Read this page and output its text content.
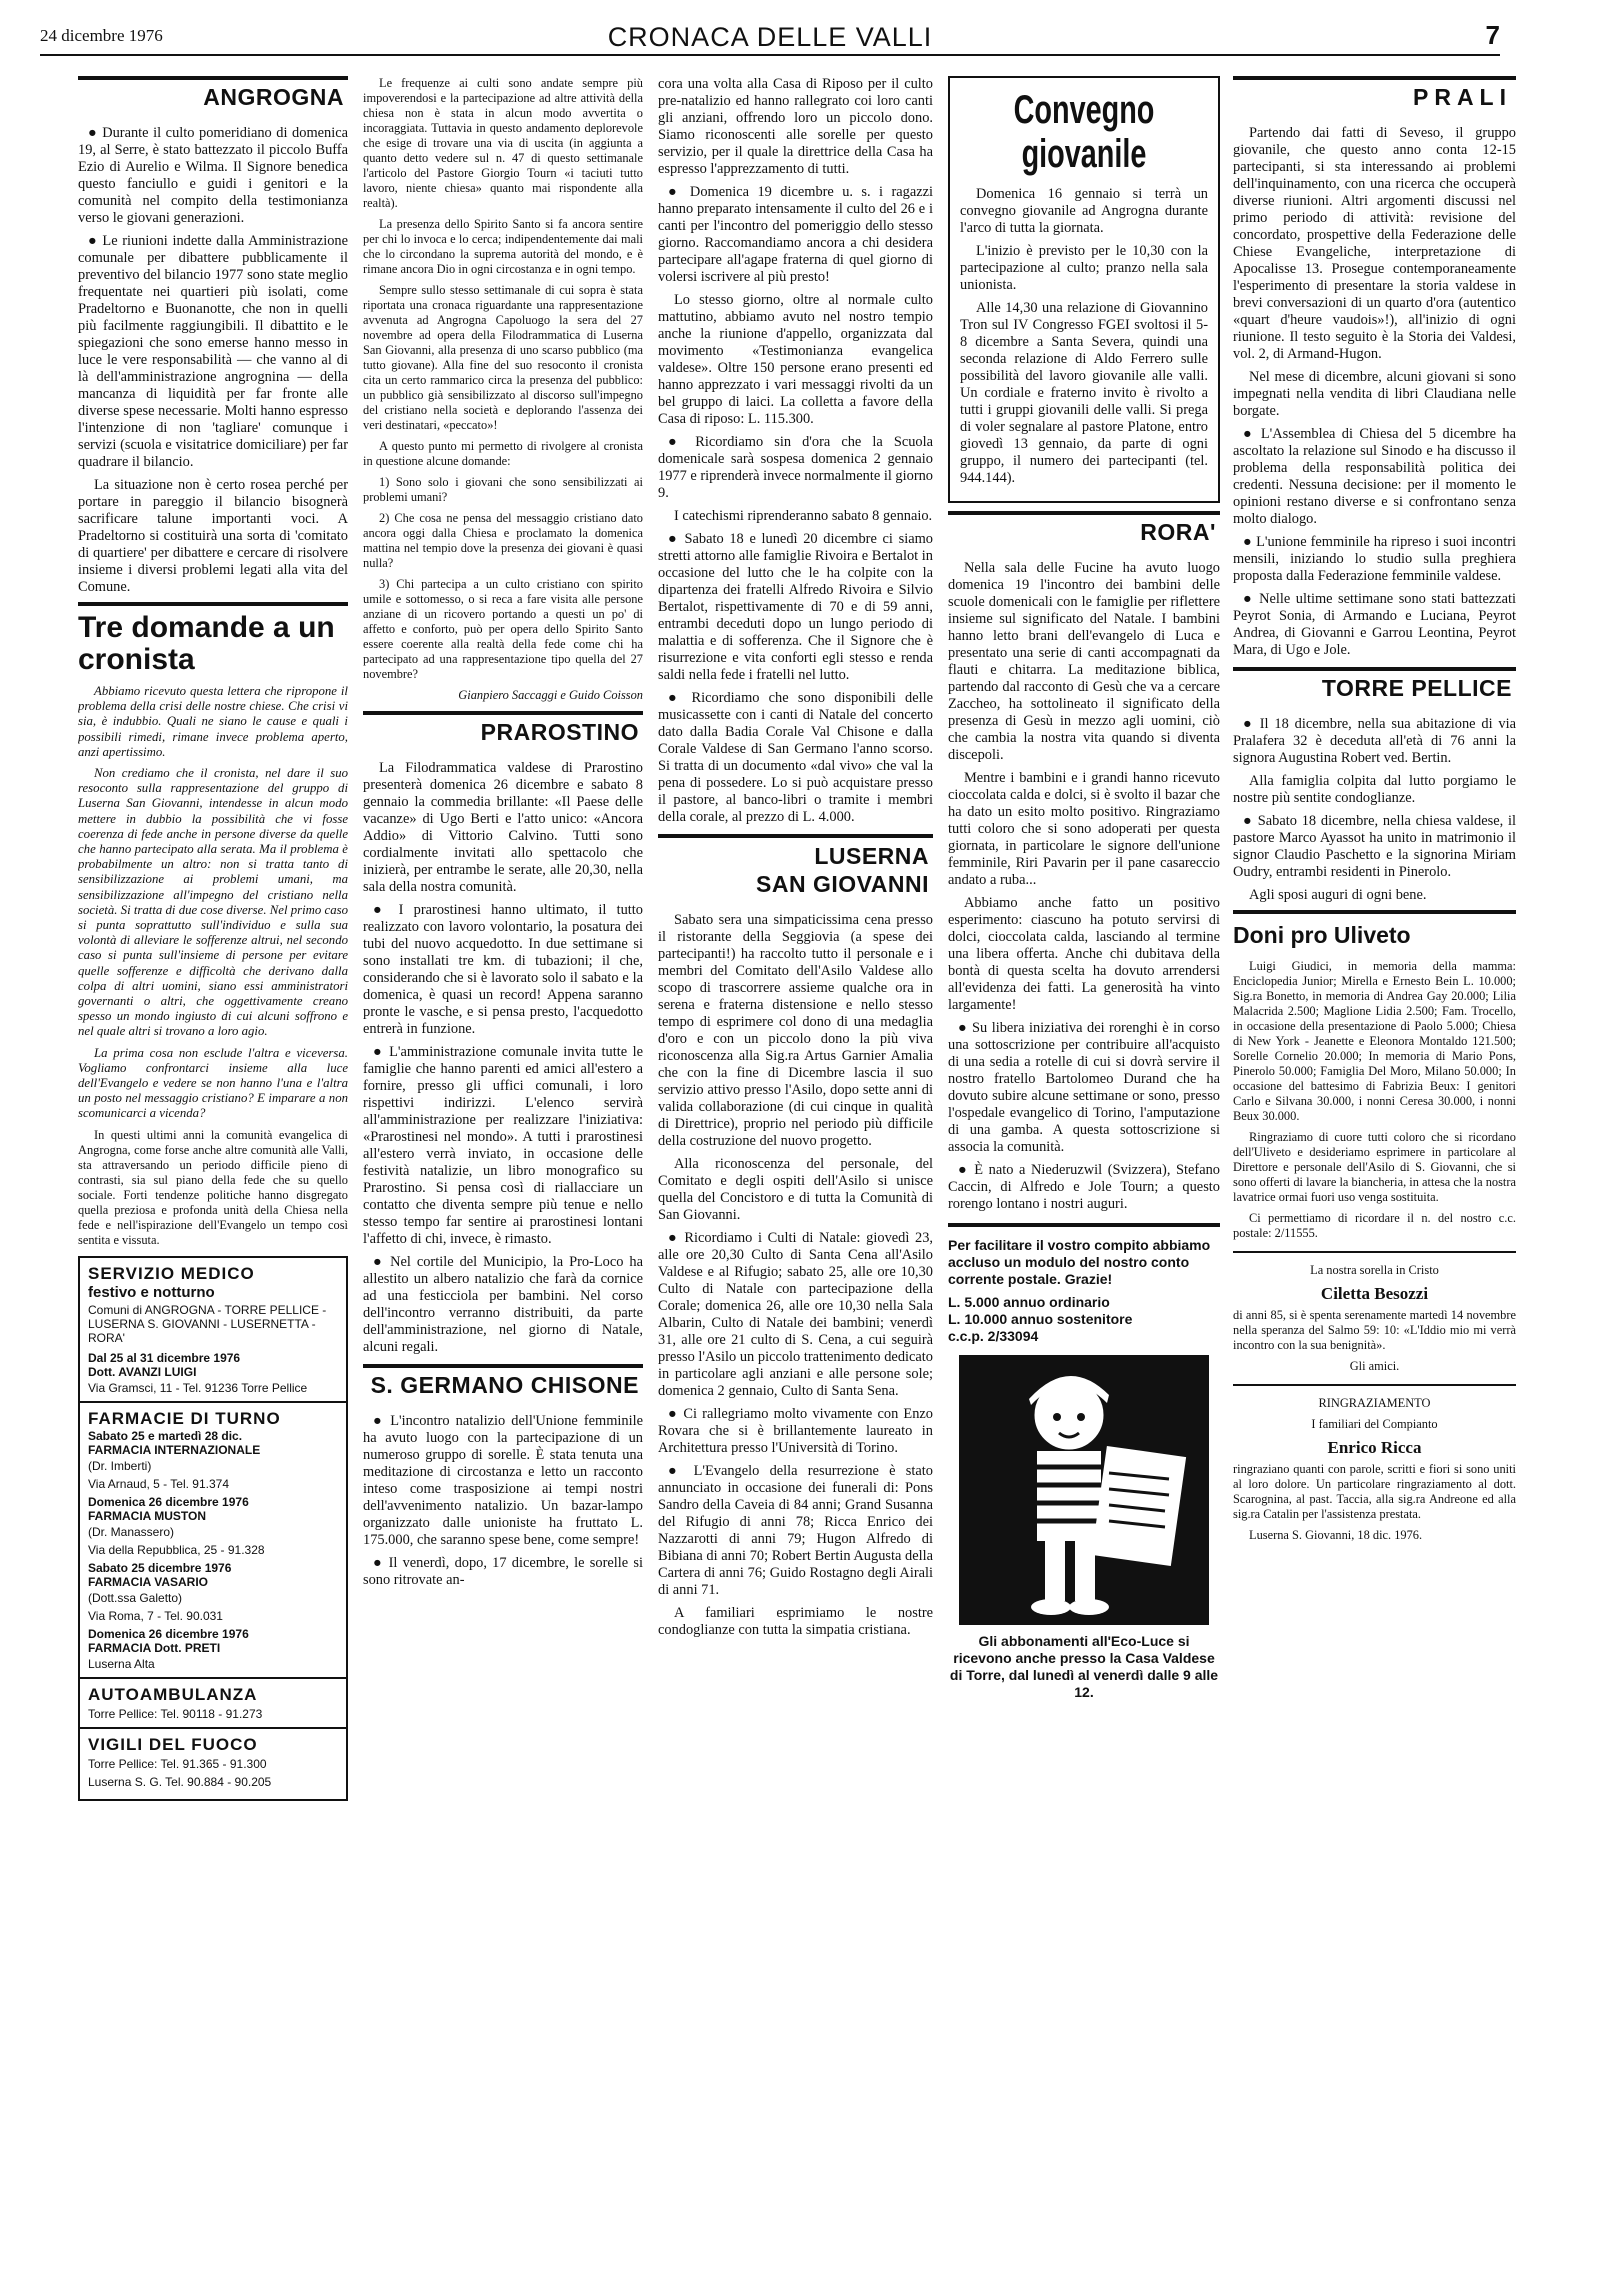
24 dicembre 1976	CRONACA DELLE VALLI	7
ANGROGNA

● Durante il culto pomeridiano di domenica 19, al Serre, è stato battezzato il piccolo Buffa Ezio di Aurelio e Wilma. Il Signore benedica questo fanciullo e guidi i genitori e la comunità nel compito della testimonianza verso le giovani generazioni.

● Le riunioni indette dalla Amministrazione comunale per dibattere pubblicamente il preventivo del bilancio 1977 sono state meglio frequentate nei quartieri più isolati, come Pradeltorno e Buonanotte, che non in quelli più facilmente raggiungibili. Il dibattito e le spiegazioni che sono emerse hanno messo in luce le vere responsabilità — che vanno al di là dell'amministrazione angrognina — della mancanza di liquidità per far fronte alle diverse spese necessarie. Molti hanno espresso l'intenzione di non 'tagliare' comunque i servizi (scuola e visitatrice domiciliare) per far quadrare il bilancio.

La situazione non è certo rosea perché per portare in pareggio il bilancio bisognerà sacrificare talune importanti voci. A Pradeltorno si costituirà una sorta di 'comitato di quartiere' per dibattere e cercare di risolvere insieme i diversi problemi legati alla vita del Comune.

Tre domande a un cronista

Abbiamo ricevuto questa lettera che ripropone il problema della crisi delle nostre chiese. Che crisi vi sia, è indubbio. Quali ne siano le cause e quali i possibili rimedi, rimane invece problema aperto, anzi apertissimo.

Non crediamo che il cronista, nel dare il suo resoconto sulla rappresentazione del gruppo di Luserna San Giovanni, intendesse in alcun modo mettere in dubbio la possibilità che vi fosse coerenza di fede anche in persone diverse da quelle che hanno partecipato alla serata. Ma il problema è probabilmente un altro: non si tratta tanto di sensibilizzazione ai problemi umani, ma sensibilizzazione all'impegno del cristiano nella società. Si tratta di due cose diverse. Nel primo caso si punta soprattutto sull'individuo e sulla sua volontà di alleviare le sofferenze altrui, nel secondo caso si punta sull'insieme di persone per evitare quelle sofferenze e difficoltà che derivano dalla colpa di altri uomini, siano essi amministratori governanti o altri, che oggettivamente creano spesso un mondo ingiusto di cui alcuni soffrono e nel quale altri si trovano a loro agio.

La prima cosa non esclude l'altra e viceversa. Vogliamo confrontarci insieme alla luce dell'Evangelo e vedere se non hanno l'una e l'altra un posto nel messaggio cristiano? E imparare a non scomunicarci a vicenda?

In questi ultimi anni la comunità evangelica di Angrogna, come forse anche altre comunità alle Valli, sta attraversando un periodo difficile pieno di contrasti, sia sul piano della fede che su quello sociale. Forti tendenze politiche hanno disgregato quella preziosa e profonda unità della Chiesa nella fede e nell'ispirazione dell'Evangelo un tempo così sentita e vissuta.

SERVIZIO MEDICO
festivo e notturno
Comuni di ANGROGNA - TORRE PELLICE - LUSERNA S. GIOVANNI - LUSERNETTA - RORA'
Dal 25 al 31 dicembre 1976
Dott. AVANZI LUIGI
Via Gramsci, 11 - Tel. 91236 Torre Pellice
FARMACIE DI TURNO
Sabato 25 e martedì 28 dic.
FARMACIA INTERNAZIONALE
(Dr. Imberti)
Via Arnaud, 5 - Tel. 91.374
Domenica 26 dicembre 1976
FARMACIA MUSTON
(Dr. Manassero)
Via della Repubblica, 25 - 91.328
Sabato 25 dicembre 1976
FARMACIA VASARIO
(Dott.ssa Galetto)
Via Roma, 7 - Tel. 90.031
Domenica 26 dicembre 1976
FARMACIA Dott. PRETI
Luserna Alta
AUTOAMBULANZA
Torre Pellice: Tel. 90118 - 91.273
VIGILI DEL FUOCO
Torre Pellice: Tel. 91.365 - 91.300
Luserna S. G. Tel. 90.884 - 90.205

Le frequenze ai culti sono andate sempre più impoverendosi e la partecipazione ad altre attività della chiesa non è stata in alcun modo avvertita o incoraggiata. Tuttavia in questo andamento deplorevole che esige di trovare una via di uscita (in aggiunta a quanto detto vedere sul n. 47 di questo settimanale l'articolo del Pastore Giorgio Tourn «i taciuti tutto lavoro, niente chiesa» quanto mai rispondente alla realtà).

La presenza dello Spirito Santo si fa ancora sentire per chi lo invoca e lo cerca; indipendentemente dai mali che lo circondano la suprema autorità del mondo, e è rimane ancora Dio in ogni circostanza e in ogni tempo.

Sempre sullo stesso settimanale di cui sopra è stata riportata una cronaca riguardante una rappresentazione avvenuta ad Angrogna Capoluogo la sera del 27 novembre ad opera della Filodrammatica di Luserna San Giovanni, alla presenza di uno scarso pubblico (ma tutto giovane). Alla fine del suo resoconto il cronista cita un certo rammarico circa la presenza del pubblico: un pubblico già sensibilizzato al discorso sull'impegno del cristiano nella società e deplorando l'assenza dei veri destinatari, «peccato»!

A questo punto mi permetto di rivolgere al cronista in questione alcune domande:

1) Sono solo i giovani che sono sensibilizzati ai problemi umani?

2) Che cosa ne pensa del messaggio cristiano dato ancora oggi dalla Chiesa e proclamato la domenica mattina nel tempio dove la presenza dei giovani è quasi nulla?

3) Chi partecipa a un culto cristiano con spirito umile e sottomesso, o si reca a fare visita alle persone anziane di un ricovero portando a questi un po' di affetto e conforto, può per opera dello Spirito Santo essere coerente alla realtà della fede come chi ha partecipato ad una rappresentazione tipo quella del 27 novembre?

Gianpiero Saccaggi e Guido Coisson

PRAROSTINO

La Filodrammatica valdese di Prarostino presenterà domenica 26 dicembre e sabato 8 gennaio la commedia brillante: «Il Paese delle vacanze» di Ugo Berti e l'atto unico: «Ancora Addio» di Vittorio Calvino. Tutti sono cordialmente invitati allo spettacolo che inizierà, per entrambe le serate, alle 20,30, nella sala della nostra comunità.

● I prarostinesi hanno ultimato, il tutto realizzato con lavoro volontario, la posatura dei tubi del nuovo acquedotto. In due settimane si sono installati tre km. di tubazioni; il che, considerando che si è lavorato solo il sabato e la domenica, è quasi un record! Appena saranno pronte le vasche, e si pensa presto, l'acquedotto entrerà in funzione.

● L'amministrazione comunale invita tutte le famiglie che hanno parenti ed amici all'estero a fornire, presso gli uffici comunali, i loro rispettivi indirizzi. L'elenco servirà all'amministrazione per realizzare l'iniziativa: «Prarostinesi nel mondo». A tutti i prarostinesi all'estero verrà inviato, in occasione delle festività natalizie, un libro monografico su Prarostino. Si pensa così di riallacciare un contatto che diventa sempre più tenue e nello stesso tempo far sentire ai prarostinesi lontani l'affetto di chi, invece, è rimasto.

● Nel cortile del Municipio, la Pro-Loco ha allestito un albero natalizio che farà da cornice ad una festicciola per bambini. Nel corso dell'incontro verranno distribuiti, da parte dell'amministrazione, nel giorno di Natale, alcuni regali.

S. GERMANO CHISONE

● L'incontro natalizio dell'Unione femminile ha avuto luogo con la partecipazione di un numeroso gruppo di sorelle. È stata tenuta una meditazione di circostanza e letto un racconto inteso come trasposizione ai tempi nostri dell'avvenimento natalizio. Un bazar-lampo organizzato dalle unioniste ha fruttato L. 175.000, che saranno spese bene, come sempre!

● Il venerdì, dopo, 17 dicembre, le sorelle si sono ritrovate an-

cora una volta alla Casa di Riposo per il culto pre-natalizio ed hanno rallegrato coi loro canti gli anziani, offrendo loro un piccolo dono. Siamo riconoscenti alle sorelle per questo servizio, per il quale la direttrice della Casa ha espresso l'apprezzamento di tutti.

● Domenica 19 dicembre u. s. i ragazzi hanno preparato intensamente il culto del 26 e i canti per l'incontro del pomeriggio dello stesso giorno. Raccomandiamo ancora a chi desidera partecipare all'agape fraterna di quel giorno di volersi iscrivere al più presto!

Lo stesso giorno, oltre al normale culto mattutino, abbiamo avuto nel nostro tempio anche la riunione d'appello, organizzata dal movimento «Testimonianza evangelica valdese». Oltre 150 persone erano presenti ed hanno apprezzato i vari messaggi rivolti da un bel gruppo di laici. La colletta a favore della Casa di riposo: L. 115.300.

● Ricordiamo sin d'ora che la Scuola domenicale sarà sospesa domenica 2 gennaio 1977 e riprenderà invece normalmente il giorno 9.

I catechismi riprenderanno sabato 8 gennaio.

● Sabato 18 e lunedì 20 dicembre ci siamo stretti attorno alle famiglie Rivoira e Bertalot in occasione del lutto che le ha colpite con la dipartenza dei fratelli Alfredo Rivoira e Silvio Bertalot, rispettivamente di 70 e di 59 anni, entrambi deceduti dopo un lungo periodo di malattia e di sofferenza. Che il Signore che è risurrezione e vita conforti egli stesso e renda saldi nella fede i fratelli nel lutto.

● Ricordiamo che sono disponibili delle musicassette con i canti di Natale del concerto dato dalla Badia Corale Val Chisone e dalla Corale Valdese di San Germano l'anno scorso. Si tratta di un documento «dal vivo» che val la pena di possedere. Lo si può acquistare presso il pastore, al banco-libri o tramite i membri della corale, al prezzo di L. 4.000.

LUSERNA
SAN GIOVANNI

Sabato sera una simpaticissima cena presso il ristorante della Seggiovia (a spese dei partecipanti!) ha raccolto tutto il personale e i membri del Comitato dell'Asilo Valdese allo scopo di trascorrere assieme qualche ora in serena e fraterna distensione e nello stesso tempo di esprimere col dono di una medaglia d'oro e con un piccolo dono la più viva riconoscenza alla Sig.ra Artus Garnier Amalia che con la fine di Dicembre lascia il suo servizio attivo presso l'Asilo, dopo sette anni di valida collaborazione (di cui cinque in qualità di Direttrice), proprio nel periodo più difficile della costruzione del nuovo progetto.

Alla riconoscenza del personale, del Comitato e degli ospiti dell'Asilo si unisce quella del Concistoro e di tutta la Comunità di San Giovanni.

● Ricordiamo i Culti di Natale: giovedì 23, alle ore 20,30 Culto di Santa Cena all'Asilo Valdese e al Rifugio; sabato 25, alle ore 10,30 Culto di Natale con partecipazione della Corale; domenica 26, alle ore 10,30 nella Sala Albarin, Culto di Natale dei bambini; venerdì 31, alle ore 21 culto di S. Cena, a cui seguirà presso l'Asilo un piccolo trattenimento dedicato in particolare agli anziani e alle persone sole; domenica 2 gennaio, Culto di Santa Sena.

● Ci rallegriamo molto vivamente con Enzo Rovara che si è brillantemente laureato in Architettura presso l'Università di Torino.

● L'Evangelo della resurrezione è stato annunciato in occasione dei funerali di: Pons Sandro della Caveia di 84 anni; Grand Susanna del Rifugio di anni 78; Ricca Enrico dei Nazzarotti di anni 79; Hugon Alfredo di Bibiana di anni 70; Robert Bertin Augusta della Cartera di anni 76; Guido Rostagno degli Airali di anni 71.

A familiari esprimiamo le nostre condoglianze con tutta la simpatia cristiana.

Convegno
giovanile

Domenica 16 gennaio si terrà un convegno giovanile ad Angrogna durante l'arco di tutta la giornata.

L'inizio è previsto per le 10,30 con la partecipazione al culto; pranzo nella sala unionista.

Alle 14,30 una relazione di Giovannino Tron sul IV Congresso FGEI svoltosi il 5-8 dicembre a Santa Severa, quindi una seconda relazione di Aldo Ferrero sulle possibilità del lavoro giovanile alle valli. Un cordiale e fraterno invito è rivolto a tutti i gruppi giovanili delle valli. Si prega di voler segnalare al pastore Platone, entro giovedì 13 gennaio, da parte di ogni gruppo, il numero dei partecipanti (tel. 944.144).

RORA'

Nella sala delle Fucine ha avuto luogo domenica 19 l'incontro dei bambini delle scuole domenicali con le famiglie per riflettere insieme sul significato del Natale. I bambini hanno letto brani dell'evangelo di Luca e presentato una serie di canti accompagnati da flauti e chitarra. La meditazione biblica, partendo dal racconto di Gesù che va a cercare Zaccheo, ha sottolineato il significato della presenza di Gesù in mezzo agli uomini, ciò che cambia la nostra vita quando si diventa discepoli.

Mentre i bambini e i grandi hanno ricevuto cioccolata calda e dolci, si è svolto il bazar che ha dato un esito molto positivo. Ringraziamo tutti coloro che si sono adoperati per questa giornata, in particolare le signore dell'unione femminile, Riri Pavarin per il pane casareccio andato a ruba...

Abbiamo anche fatto un positivo esperimento: ciascuno ha potuto servirsi di dolci, cioccolata calda, lasciando al termine una libera offerta. Anche chi dubitava della bontà di questa scelta ha dovuto arrendersi all'evidenza dei fatti. La generosità ha vinto largamente!

● Su libera iniziativa dei rorenghi è in corso una sottoscrizione per contribuire all'acquisto di una sedia a rotelle di cui si dovrà servire il nostro fratello Bartolomeo Durand che ha dovuto subire alcune settimane or sono, presso l'ospedale evangelico di Torino, l'amputazione di una gamba. A questa sottoscrizione si associa la comunità.

● È nato a Niederuzwil (Svizzera), Stefano Caccin, di Alfredo e Jole Tourn; a questo rorengo lontano i nostri auguri.

Per facilitare il vostro compito abbiamo accluso un modulo del nostro conto corrente postale. Grazie!
L. 5.000 annuo ordinario
L. 10.000 annuo sostenitore
c.c.p. 2/33094
Gli abbonamenti all'Eco-Luce si ricevono anche presso la Casa Valdese di Torre, dal lunedì al venerdì dalle 9 alle 12.
PRALI

Partendo dai fatti di Seveso, il gruppo giovanile, che questo anno conta 12-15 partecipanti, si sta interessando ai problemi dell'inquinamento, con una ricerca che occuperà diverse riunioni. Altri argomenti discussi nel primo periodo di attività: revisione del concordato, prospettive della Federazione delle Chiese Evangeliche, interpretazione di Apocalisse 13. Prosegue contemporaneamente l'esperimento di presentare la storia valdese in brevi conversazioni di un quarto d'ora (autentico «quart d'heure vaudois»!), all'inizio di ogni riunione. Il testo seguito è la Storia dei Valdesi, vol. 2, di Armand-Hugon.

Nel mese di dicembre, alcuni giovani si sono impegnati nella vendita di libri Claudiana nelle borgate.

● L'Assemblea di Chiesa del 5 dicembre ha ascoltato la relazione sul Sinodo e ha discusso il problema della responsabilità politica dei credenti. Nessuna decisione: per il momento le opinioni restano diverse e si confrontano senza molto dialogo.

● L'unione femminile ha ripreso i suoi incontri mensili, iniziando lo studio sulla preghiera proposta dalla Federazione femminile valdese.

● Nelle ultime settimane sono stati battezzati Peyrot Sonia, di Armando e Luciana, Peyrot Andrea, di Giovanni e Garrou Leontina, Peyrot Mara, di Ugo e Jole.

TORRE PELLICE

● Il 18 dicembre, nella sua abitazione di via Pralafera 32 è deceduta all'età di 76 anni la signora Augustina Robert ved. Bertin.

Alla famiglia colpita dal lutto porgiamo le nostre più sentite condoglianze.

● Sabato 18 dicembre, nella chiesa valdese, il pastore Marco Ayassot ha unito in matrimonio il signor Claudio Paschetto e la signorina Miriam Oudry, entrambi residenti in Pinerolo.

Agli sposi auguri di ogni bene.

Doni pro Uliveto

Luigi Giudici, in memoria della mamma: Enciclopedia Junior; Mirella e Ernesto Bein L. 10.000; Sig.ra Bonetto, in memoria di Andrea Gay 20.000; Lilia Malacrida 2.500; Maglione Lidia 2.500; Fam. Trocello, in occasione della presentazione di Paolo 5.000; Chiesa di New York - Jeanette e Eleonora Montaldo 121.500; Sorelle Cornelio 20.000; In memoria di Mario Pons, Pinerolo 50.000; Famiglia Del Moro, Milano 50.000; In occasione del battesimo di Fabrizia Beux: I genitori Carlo e Silvana 30.000, i nonni Ceresa 30.000, i nonni Beux 30.000.

Ringraziamo di cuore tutti coloro che si ricordano dell'Uliveto e desideriamo esprimere in particolare al Direttore e personale dell'Asilo di S. Giovanni, che si sono offerti di lavare la biancheria, in attesa che la nostra lavatrice ormai fuori uso venga sostituita.

Ci permettiamo di ricordare il n. del nostro c.c. postale: 2/11555.

La nostra sorella in Cristo

Ciletta Besozzi

di anni 85, si è spenta serenamente martedì 14 novembre nella speranza del Salmo 59: 10: «L'Iddio mio mi verrà incontro con la sua benignità».

Gli amici.

RINGRAZIAMENTO

I familiari del Compianto

Enrico Ricca

ringraziano quanti con parole, scritti e fiori si sono uniti al loro dolore. Un particolare ringraziamento al dott. Scarognina, al past. Taccia, alla sig.ra Andreone ed alla sig.ra Catalin per l'assistenza prestata.

Luserna S. Giovanni, 18 dic. 1976.
